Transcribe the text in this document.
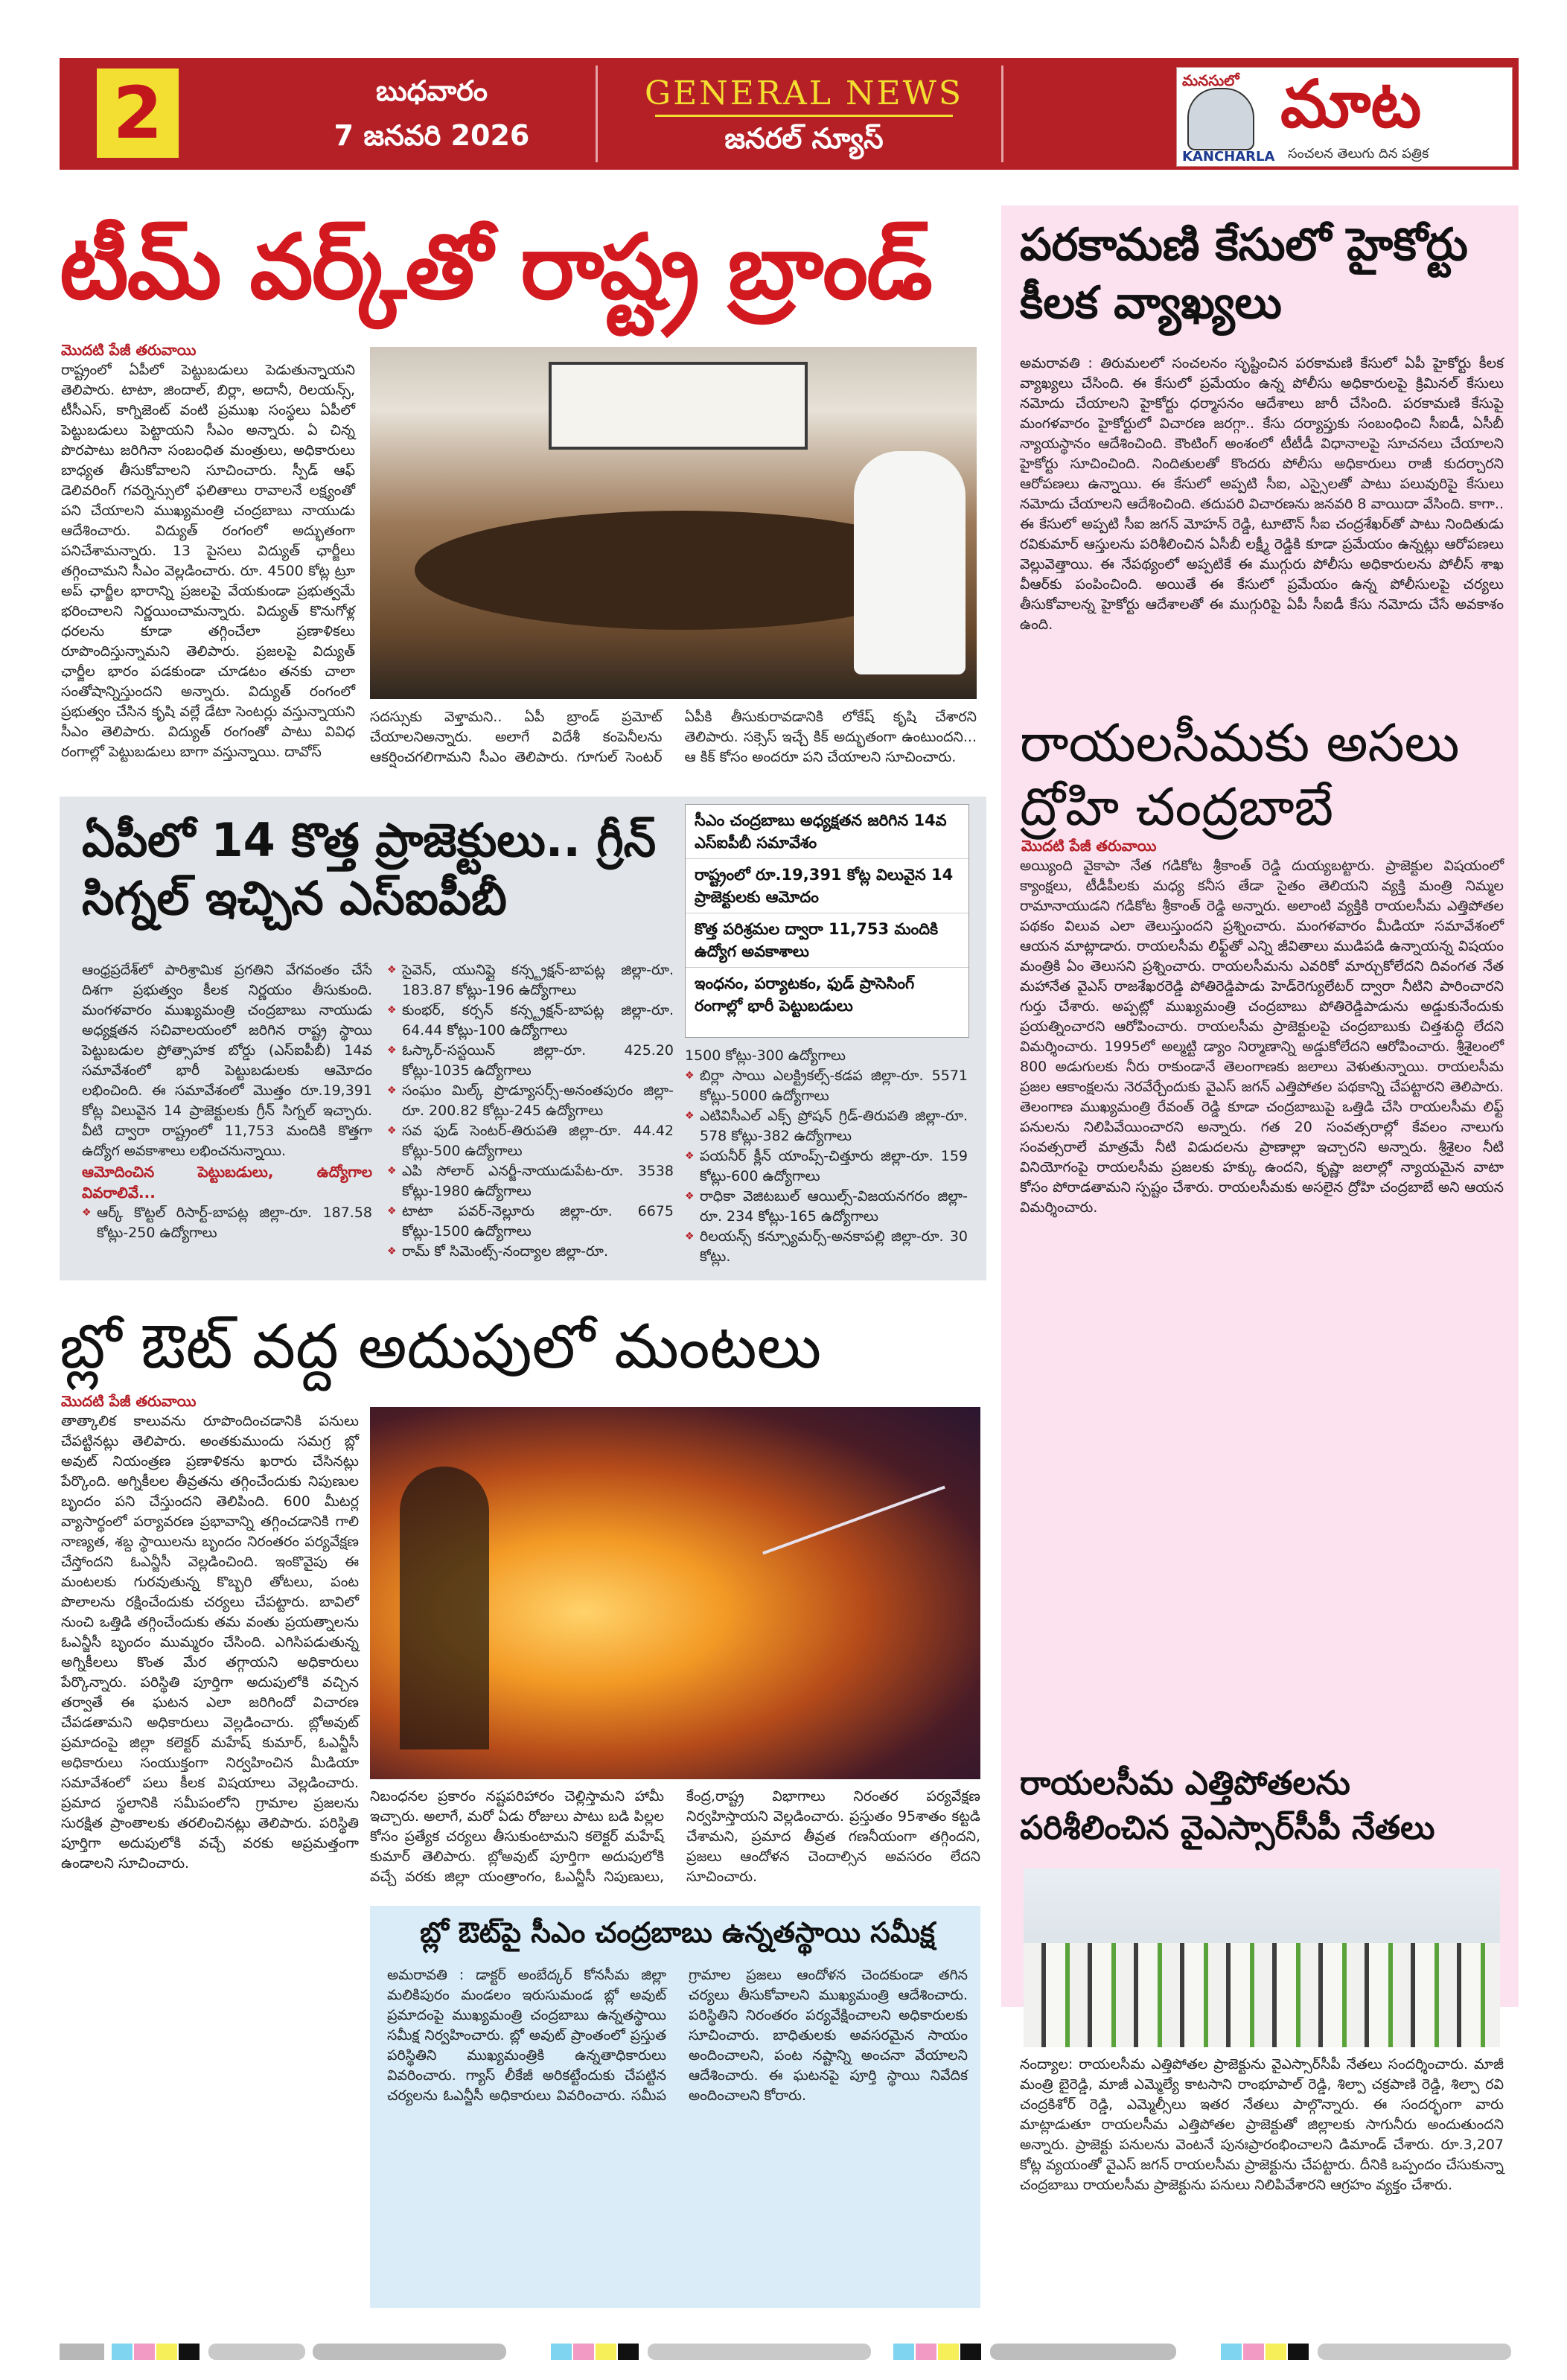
2	బుధవారం
7 జనవరి 2026
GENERAL NEWS
జనరల్ న్యూస్
మనసులో మాట
KANCHARLA సంచలన తెలుగు దిన పత్రిక
టీమ్ వర్క్‌తో రాష్ట్ర బ్రాండ్
మొదటి పేజీ తరువాయి
రాష్ట్రంలో ఏపీలో పెట్టుబడులు పెడుతున్నాయని తెలిపారు. టాటా, జిందాల్, బిర్లా, అదానీ, రిలయన్స్, టీసీఎస్, కాగ్నిజెంట్ వంటి ప్రముఖ సంస్థలు ఏపీలో పెట్టుబడులు పెట్టాయని సీఎం అన్నారు. ఏ చిన్న పొరపాటు జరిగినా సంబంధిత మంత్రులు, అధికారులు బాధ్యత తీసుకోవాలని సూచించారు. స్పీడ్ ఆఫ్ డెలివరింగ్ గవర్నెన్సులో ఫలితాలు రావాలనే లక్ష్యంతో పని చేయాలని ముఖ్యమంత్రి చంద్రబాబు నాయుడు ఆదేశించారు. విద్యుత్ రంగంలో అద్భుతంగా పనిచేశామన్నారు. 13 పైసలు విద్యుత్ ఛార్జీలు తగ్గించామని సీఎం వెల్లడించారు. రూ. 4500 కోట్ల ట్రూ అప్ ఛార్జీల భారాన్ని ప్రజలపై వేయకుండా ప్రభుత్వమే భరించాలని నిర్ణయించామన్నారు. విద్యుత్ కొనుగోళ్ల ధరలను కూడా తగ్గించేలా ప్రణాళికలు రూపొందిస్తున్నామని తెలిపారు. ప్రజలపై విద్యుత్ ఛార్జీల భారం పడకుండా చూడటం తనకు చాలా సంతోషాన్నిస్తుందని అన్నారు. విద్యుత్ రంగంలో ప్రభుత్వం చేసిన కృషి వల్లే డేటా సెంటర్లు వస్తున్నాయని సీఎం తెలిపారు. విద్యుత్ రంగంతో పాటు వివిధ రంగాల్లో పెట్టుబడులు బాగా వస్తున్నాయి. దావోస్
సదస్సుకు వెళ్తామని.. ఏపీ బ్రాండ్ ప్రమోట్ చేయాలనిఅన్నారు. అలాగే విదేశీ కంపెనీలను ఆకర్షించగలిగామని సీఎం తెలిపారు. గూగుల్ సెంటర్ ఏపీకి తీసుకురావడానికి లోకేష్ కృషి చేశారని తెలిపారు. సక్సెస్ ఇచ్చే కిక్ అద్భుతంగా ఉంటుందని... ఆ కిక్ కోసం అందరూ పని చేయాలని సూచించారు.
పరకామణి కేసులో హైకోర్టు కీలక వ్యాఖ్యలు
అమరావతి : తిరుమలలో సంచలనం సృష్టించిన పరకామణి కేసులో ఏపీ హైకోర్టు కీలక వ్యాఖ్యలు చేసింది. ఈ కేసులో ప్రమేయం ఉన్న పోలీసు అధికారులపై క్రిమినల్ కేసులు నమోదు చేయాలని హైకోర్టు ధర్మాసనం ఆదేశాలు జారీ చేసింది. పరకామణి కేసుపై మంగళవారం హైకోర్టులో విచారణ జరగ్గా.. కేసు దర్యాప్తుకు సంబంధించి సీఐడీ, ఏసీబీ న్యాయస్థానం ఆదేశించింది. కౌంటింగ్ అంశంలో టీటీడీ విధానాలపై సూచనలు చేయాలని హైకోర్టు సూచించింది. నిందితులతో కొందరు పోలీసు అధికారులు రాజీ కుదర్చారని ఆరోపణలు ఉన్నాయి. ఈ కేసులో అప్పటి సీఐ, ఎస్సైలతో పాటు పలువురిపై కేసులు నమోదు చేయాలని ఆదేశించింది. తదుపరి విచారణను జనవరి 8 వాయిదా వేసింది. కాగా.. ఈ కేసులో అప్పటి సీఐ జగన్ మోహన్ రెడ్డి, టూటౌన్ సీఐ చంద్రశేఖర్‌తో పాటు నిందితుడు రవికుమార్ ఆస్తులను పరిశీలించిన ఏసీబీ లక్ష్మీ రెడ్డికి కూడా ప్రమేయం ఉన్నట్లు ఆరోపణలు వెల్లువెత్తాయి. ఈ నేపథ్యంలో అప్పటికే ఈ ముగ్గురు పోలీసు అధికారులను పోలీస్ శాఖ వీఆర్‌కు పంపించింది. అయితే ఈ కేసులో ప్రమేయం ఉన్న పోలీసులపై చర్యలు తీసుకోవాలన్న హైకోర్టు ఆదేశాలతో ఈ ముగ్గురిపై ఏపీ సీఐడీ కేసు నమోదు చేసే అవకాశం ఉంది.
రాయలసీమకు అసలు ద్రోహి చంద్రబాబే
మొదటి పేజీ తరువాయి
అయ్యింది వైకాపా నేత గడికోట శ్రీకాంత్ రెడ్డి దుయ్యబట్టారు. ప్రాజెక్టుల విషయంలో క్యాంక్షలు, టీడీపీలకు మధ్య కనీస తేడా సైతం తెలియని వ్యక్తి మంత్రి నిమ్మల రామానాయుడని గడికోట శ్రీకాంత్ రెడ్డి అన్నారు. అలాంటి వ్యక్తికి రాయలసీమ ఎత్తిపోతల పథకం విలువ ఎలా తెలుస్తుందని ప్రశ్నించారు. మంగళవారం మీడియా సమావేశంలో ఆయన మాట్లాడారు. రాయలసీమ లిఫ్ట్‌తో ఎన్ని జీవితాలు ముడిపడి ఉన్నాయన్న విషయం మంత్రికి ఏం తెలుసని ప్రశ్నించారు. రాయలసీమను ఎవరికో మార్చుకోలేదని దివంగత నేత మహానేత వైఎస్ రాజశేఖరరెడ్డి పోతిరెడ్డిపాడు హెడ్‌రెగ్యులేటర్ ద్వారా నీటిని పారించారని గుర్తు చేశారు. అప్పట్లో ముఖ్యమంత్రి చంద్రబాబు పోతిరెడ్డిపాడును అడ్డుకునేందుకు ప్రయత్నించారని ఆరోపించారు. రాయలసీమ ప్రాజెక్టులపై చంద్రబాబుకు చిత్తశుద్ధి లేదని విమర్శించారు. 1995లో అల్మట్టి డ్యాం నిర్మాణాన్ని అడ్డుకోలేదని ఆరోపించారు. శ్రీశైలంలో 800 అడుగులకు నీరు రాకుండానే తెలంగాణకు జలాలు వెళుతున్నాయి. రాయలసీమ ప్రజల ఆకాంక్షలను నెరవేర్చేందుకు వైఎస్ జగన్ ఎత్తిపోతల పథకాన్ని చేపట్టారని తెలిపారు. తెలంగాణ ముఖ్యమంత్రి రేవంత్ రెడ్డి కూడా చంద్రబాబుపై ఒత్తిడి చేసి రాయలసీమ లిఫ్ట్ పనులను నిలిపివేయించారని అన్నారు. గత 20 సంవత్సరాల్లో కేవలం నాలుగు సంవత్సరాలే మాత్రమే నీటి విడుదలను ప్రాణాల్లా ఇచ్చారని అన్నారు. శ్రీశైలం నీటి వినియోగంపై రాయలసీమ ప్రజలకు హక్కు ఉందని, కృష్ణా జలాల్లో న్యాయమైన వాటా కోసం పోరాడతామని స్పష్టం చేశారు. రాయలసీమకు అసలైన ద్రోహి చంద్రబాబే అని ఆయన విమర్శించారు.
రాయలసీమ ఎత్తిపోతలను పరిశీలించిన వైఎస్సార్‌సీపీ నేతలు
నంద్యాల: రాయలసీమ ఎత్తిపోతల ప్రాజెక్టును వైఎస్సార్‌సీపీ నేతలు సందర్శించారు. మాజీ మంత్రి బైరెడ్డి, మాజీ ఎమ్మెల్యే కాటసాని రాంభూపాల్ రెడ్డి, శిల్పా చక్రపాణి రెడ్డి, శిల్పా రవి చంద్రకిశోర్ రెడ్డి, ఎమ్మెల్సీలు ఇతర నేతలు పాల్గొన్నారు. ఈ సందర్భంగా వారు మాట్లాడుతూ రాయలసీమ ఎత్తిపోతల ప్రాజెక్టుతో జిల్లాలకు సాగునీరు అందుతుందని అన్నారు. ప్రాజెక్టు పనులను వెంటనే పునఃప్రారంభించాలని డిమాండ్ చేశారు. రూ.3,207 కోట్ల వ్యయంతో వైఎస్ జగన్ రాయలసీమ ప్రాజెక్టును చేపట్టారు. దీనికి ఒప్పందం చేసుకున్నా చంద్రబాబు రాయలసీమ ప్రాజెక్టును పనులు నిలిపివేశారని ఆగ్రహం వ్యక్తం చేశారు.
ఏపీలో 14 కొత్త ప్రాజెక్టులు.. గ్రీన్ సిగ్నల్ ఇచ్చిన ఎస్ఐపీబీ
సీఎం చంద్రబాబు అధ్యక్షతన జరిగిన 14వ ఎస్ఐపీబీ సమావేశం
రాష్ట్రంలో రూ.19,391 కోట్ల విలువైన 14 ప్రాజెక్టులకు ఆమోదం
కొత్త పరిశ్రమల ద్వారా 11,753 మందికి ఉద్యోగ అవకాశాలు
ఇంధనం, పర్యాటకం, ఫుడ్ ప్రాసెసింగ్ రంగాల్లో భారీ పెట్టుబడులు
ఆంధ్రప్రదేశ్‌లో పారిశ్రామిక ప్రగతిని వేగవంతం చేసే దిశగా ప్రభుత్వం కీలక నిర్ణయం తీసుకుంది. మంగళవారం ముఖ్యమంత్రి చంద్రబాబు నాయుడు అధ్యక్షతన సచివాలయంలో జరిగిన రాష్ట్ర స్థాయి పెట్టుబడుల ప్రోత్సాహక బోర్డు (ఎస్ఐపీబీ) 14వ సమావేశంలో భారీ పెట్టుబడులకు ఆమోదం లభించింది. ఈ సమావేశంలో మొత్తం రూ.19,391 కోట్ల విలువైన 14 ప్రాజెక్టులకు గ్రీన్ సిగ్నల్ ఇచ్చారు. వీటి ద్వారా రాష్ట్రంలో 11,753 మందికి కొత్తగా ఉద్యోగ అవకాశాలు లభించనున్నాయి.
ఆమోదించిన పెట్టుబడులు, ఉద్యోగాల వివరాలివే...
❖ ఆర్క్ కొట్టల్ రిసార్ట్-బాపట్ల జిల్లా-రూ. 187.58 కోట్లు-250 ఉద్యోగాలు
❖ సైవెన్, యునిప్లై కన్స్ట్రక్షన్-బాపట్ల జిల్లా-రూ. 183.87 కోట్లు-196 ఉద్యోగాలు
❖ కుంభర్, కర్సన్ కన్స్ట్రక్షన్-బాపట్ల జిల్లా-రూ. 64.44 కోట్లు-100 ఉద్యోగాలు
❖ ఓస్కార్-సస్టయిన్ జిల్లా-రూ. 425.20 కోట్లు-1035 ఉద్యోగాలు
❖ సంఘం మిల్క్ ప్రొడ్యూసర్స్-అనంతపురం జిల్లా-రూ. 200.82 కోట్లు-245 ఉద్యోగాలు
❖ సవ ఫుడ్ సెంటర్-తిరుపతి జిల్లా-రూ. 44.42 కోట్లు-500 ఉద్యోగాలు
❖ ఎపి సోలార్ ఎనర్జీ-నాయుడుపేట-రూ. 3538 కోట్లు-1980 ఉద్యోగాలు
❖ టాటా పవర్-నెల్లూరు జిల్లా-రూ. 6675 కోట్లు-1500 ఉద్యోగాలు
❖ రామ్ కో సిమెంట్స్-నంద్యాల జిల్లా-రూ.
1500 కోట్లు-300 ఉద్యోగాలు
❖ బిర్లా సాయి ఎలక్ట్రికల్స్-కడప జిల్లా-రూ. 5571 కోట్లు-5000 ఉద్యోగాలు
❖ ఎటివిసీఎల్ ఎక్స్ ప్రోషన్ గ్రిడ్-తిరుపతి జిల్లా-రూ. 578 కోట్లు-382 ఉద్యోగాలు
❖ పయనీర్ క్లీన్ యాంప్స్-చిత్తూరు జిల్లా-రూ. 159 కోట్లు-600 ఉద్యోగాలు
❖ రాధికా వెజిటబుల్ ఆయిల్స్-విజయనగరం జిల్లా-రూ. 234 కోట్లు-165 ఉద్యోగాలు
❖ రిలయన్స్ కన్స్యూమర్స్-అనకాపల్లి జిల్లా-రూ. 30 కోట్లు.
బ్లో ఔట్ వద్ద అదుపులో మంటలు
మొదటి పేజీ తరువాయి
తాత్కాలిక కాలువను రూపొందించడానికి పనులు చేపట్టినట్లు తెలిపారు. అంతకుముందు సమగ్ర బ్లో అవుట్ నియంత్రణ ప్రణాళికను ఖరారు చేసినట్లు పేర్కొంది. అగ్నికీలల తీవ్రతను తగ్గించేందుకు నిపుణుల బృందం పని చేస్తుందని తెలిపింది. 600 మీటర్ల వ్యాసార్థంలో పర్యావరణ ప్రభావాన్ని తగ్గించడానికి గాలి నాణ్యత, శబ్ద స్థాయిలను బృందం నిరంతరం పర్యవేక్షణ చేస్తోందని ఓఎన్జీసీ వెల్లడించింది. ఇంకొవైపు ఈ మంటలకు గురవుతున్న కొబ్బరి తోటలు, పంట పొలాలను రక్షించేందుకు చర్యలు చేపట్టారు. బావిలో నుంచి ఒత్తిడి తగ్గించేందుకు తమ వంతు ప్రయత్నాలను ఓఎన్జీసీ బృందం ముమ్మరం చేసింది. ఎగిసిపడుతున్న అగ్నికీలలు కొంత మేర తగ్గాయని అధికారులు పేర్కొన్నారు. పరిస్థితి పూర్తిగా అదుపులోకి వచ్చిన తర్వాతే ఈ ఘటన ఎలా జరిగిందో విచారణ చేపడతామని అధికారులు వెల్లడించారు. బ్లోఅవుట్ ప్రమాదంపై జిల్లా కలెక్టర్ మహేష్ కుమార్, ఓఎన్జీసీ అధికారులు సంయుక్తంగా నిర్వహించిన మీడియా సమావేశంలో పలు కీలక విషయాలు వెల్లడించారు. ప్రమాద స్థలానికి సమీపంలోని గ్రామాల ప్రజలను సురక్షిత ప్రాంతాలకు తరలించినట్లు తెలిపారు. పరిస్థితి పూర్తిగా అదుపులోకి వచ్చే వరకు అప్రమత్తంగా ఉండాలని సూచించారు.
నిబంధనల ప్రకారం నష్టపరిహారం చెల్లిస్తామని హామీ ఇచ్చారు. అలాగే, మరో ఏడు రోజులు పాటు బడి పిల్లల కోసం ప్రత్యేక చర్యలు తీసుకుంటామని కలెక్టర్ మహేష్ కుమార్ తెలిపారు. బ్లోఅవుట్ పూర్తిగా అదుపులోకి వచ్చే వరకు జిల్లా యంత్రాంగం, ఓఎన్జీసీ నిపుణులు, కేంద్ర,రాష్ట్ర విభాగాలు నిరంతర పర్యవేక్షణ నిర్వహిస్తాయని వెల్లడించారు. ప్రస్తుతం 95శాతం కట్టడి చేశామని, ప్రమాద తీవ్రత గణనీయంగా తగ్గిందని, ప్రజలు ఆందోళన చెందాల్సిన అవసరం లేదని సూచించారు.
బ్లో ఔట్‌పై సీఎం చంద్రబాబు ఉన్నతస్థాయి సమీక్ష
అమరావతి : డాక్టర్ అంబేద్కర్ కోనసీమ జిల్లా మలికిపురం మండలం ఇరుసుమండ బ్లో అవుట్ ప్రమాదంపై ముఖ్యమంత్రి చంద్రబాబు ఉన్నతస్థాయి సమీక్ష నిర్వహించారు. బ్లో అవుట్ ప్రాంతంలో ప్రస్తుత పరిస్థితిని ముఖ్యమంత్రికి ఉన్నతాధికారులు వివరించారు. గ్యాస్ లీకేజీ అరికట్టేందుకు చేపట్టిన చర్యలను ఓఎన్జీసీ అధికారులు వివరించారు. సమీప గ్రామాల ప్రజలు ఆందోళన చెందకుండా తగిన చర్యలు తీసుకోవాలని ముఖ్యమంత్రి ఆదేశించారు. పరిస్థితిని నిరంతరం పర్యవేక్షించాలని అధికారులకు సూచించారు. బాధితులకు అవసరమైన సాయం అందించాలని, పంట నష్టాన్ని అంచనా వేయాలని ఆదేశించారు. ఈ ఘటనపై పూర్తి స్థాయి నివేదిక అందించాలని కోరారు.
